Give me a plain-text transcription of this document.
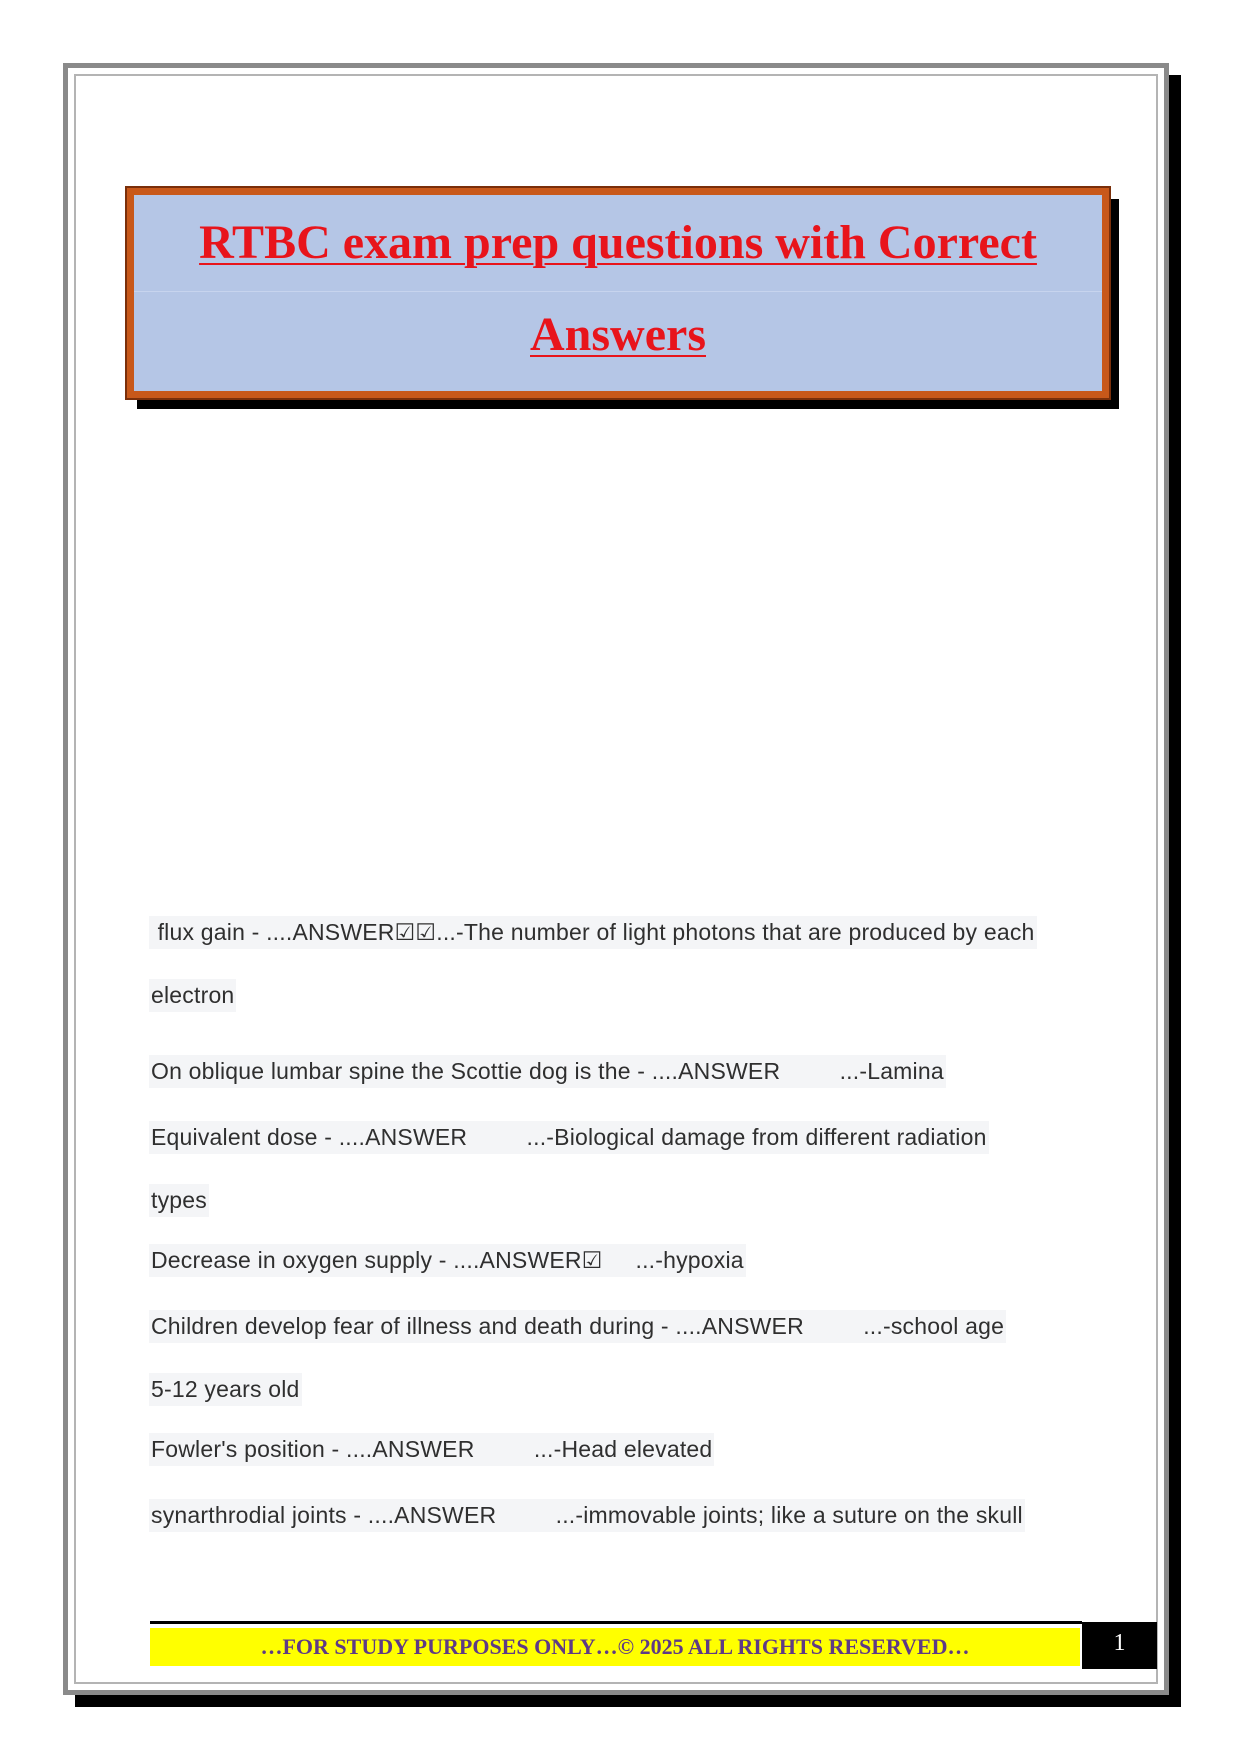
RTBC exam prep questions with Correct
Answers
flux gain - ....ANSWER☑☑...-The number of light photons that are produced by each
electron
On oblique lumbar spine the Scottie dog is the - ....ANSWER         ...-Lamina
Equivalent dose - ....ANSWER         ...-Biological damage from different radiation
types
Decrease in oxygen supply - ....ANSWER☑     ...-hypoxia
Children develop fear of illness and death during - ....ANSWER         ...-school age
5-12 years old
Fowler's position - ....ANSWER         ...-Head elevated
synarthrodial joints - ....ANSWER         ...-immovable joints; like a suture on the skull
…FOR STUDY PURPOSES ONLY…© 2025 ALL RIGHTS RESERVED…	1
